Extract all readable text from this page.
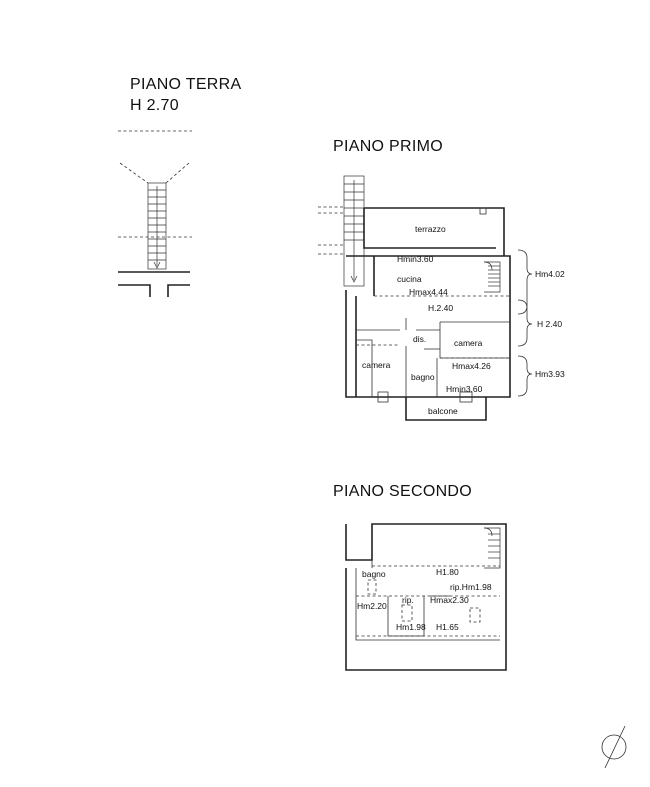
PIANO TERRA
H 2.70
PIANO PRIMO
terrazzo
Hmin3.60
cucina
Hmax4.44
H.2.40
dis.	camera
Hmax4.26
camera
bagno
Hmin3.60
balcone
Hm4.02
H 2.40
Hm3.93
PIANO SECONDO
bagno	H1.80
rip.Hm1.98
rip. Hmax2.30
Hm2.20
Hm1.98 H1.65
